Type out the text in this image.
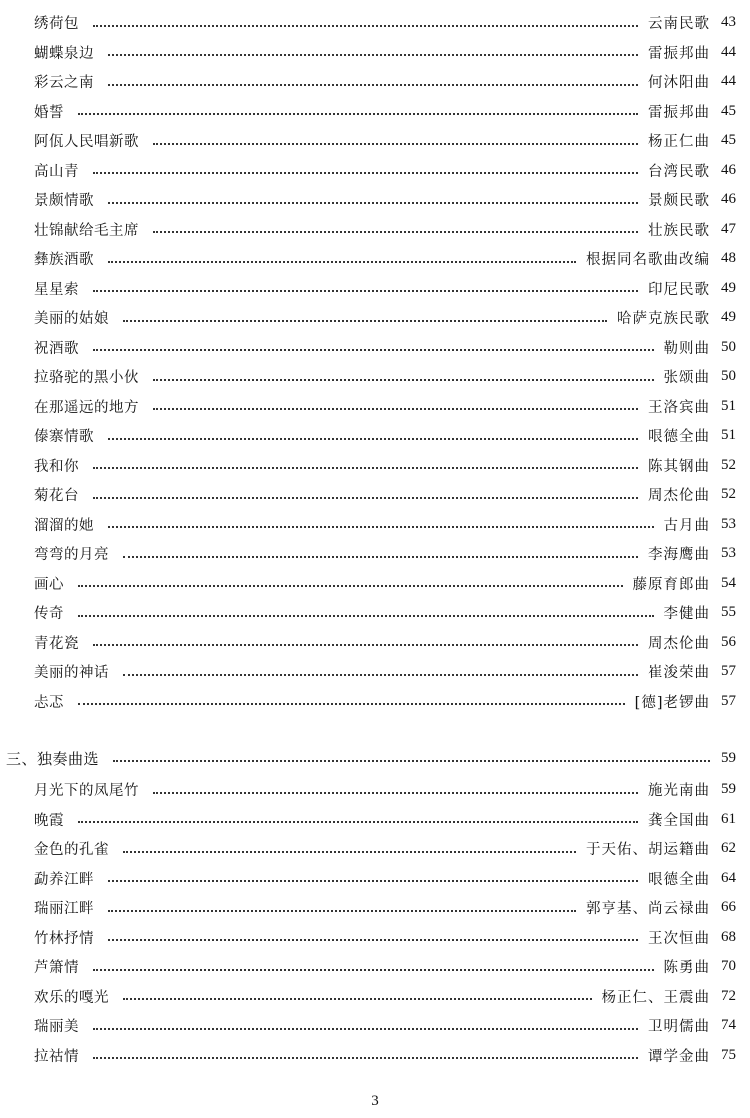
绣荷包	云南民歌 43
蝴蝶泉边	雷振邦曲 44
彩云之南	何沐阳曲 44
婚誓	雷振邦曲 45
阿佤人民唱新歌	杨正仁曲 45
高山青	台湾民歌 46
景颇情歌	景颇民歌 46
壮锦献给毛主席	壮族民歌 47
彝族酒歌	根据同名歌曲改编 48
星星索	印尼民歌 49
美丽的姑娘	哈萨克族民歌 49
祝酒歌	勒则曲 50
拉骆驼的黑小伙	张颂曲 50
在那遥远的地方	王洛宾曲 51
傣寨情歌	哏德全曲 51
我和你	陈其钢曲 52
菊花台	周杰伦曲 52
溜溜的她	古月曲 53
弯弯的月亮	李海鹰曲 53
画心	藤原育郎曲 54
传奇	李健曲 55
青花瓷	周杰伦曲 56
美丽的神话	崔浚荣曲 57
忐忑	[德]老锣曲 57
三、独奏曲选	59
月光下的凤尾竹	施光南曲 59
晚霞	龚全国曲 61
金色的孔雀	于天佑、胡运籍曲 62
勐养江畔	哏德全曲 64
瑞丽江畔	郭亨基、尚云禄曲 66
竹林抒情	王次恒曲 68
芦箫情	陈勇曲 70
欢乐的嘎光	杨正仁、王震曲 72
瑞丽美	卫明儒曲 74
拉祜情	谭学金曲 75
3
